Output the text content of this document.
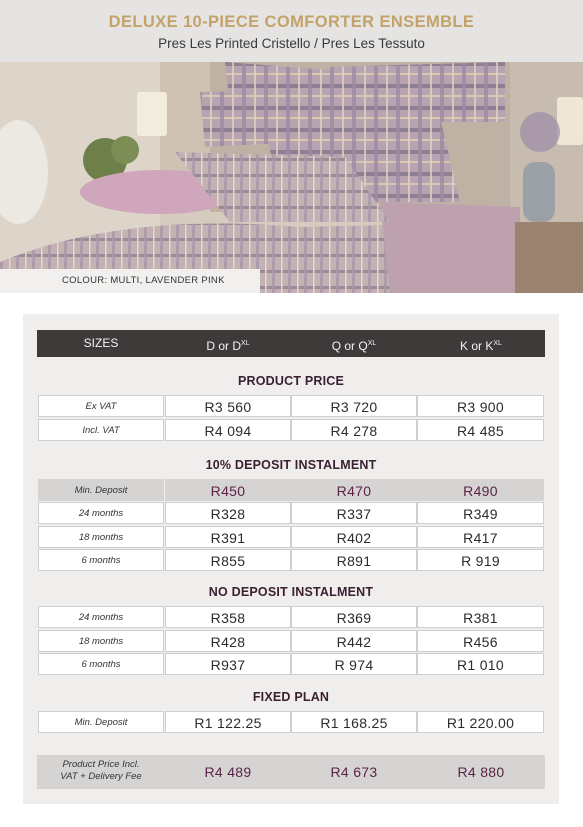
DELUXE 10-PIECE COMFORTER ENSEMBLE
Pres Les Printed Cristello / Pres Les Tessuto
COLOUR: MULTI, LAVENDER PINK
SIZES	D or $D^{XL}$	Q or $Q^{XL}$	K or $K^{XL}$
PRODUCT PRICE
Ex VAT	R3 560	R3 720	R3 900
Incl. VAT	R4 094	R4 278	R4 485
10% DEPOSIT INSTALMENT
Min. Deposit	R450	R470	R490
24 months	R328	R337	R349
18 months	R391	R402	R417
6 months	R855	R891	R 919
NO DEPOSIT INSTALMENT
24 months	R358	R369	R381
18 months	R428	R442	R456
6 months	R937	R 974	R1 010
FIXED PLAN
Min. Deposit	R1 122.25	R1 168.25	R1 220.00
Product Price Incl.
VAT + Delivery Fee	R4 489	R4 673	R4 880
